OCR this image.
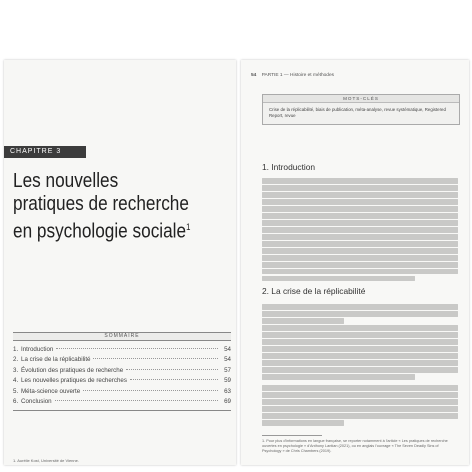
CHAPITRE 3
Les nouvelles
pratiques de recherche
en psychologie sociale$^1$
SOMMAIRE
1. Introduction	54
2. La crise de la réplicabilité	54
3. Évolution des pratiques de recherche	57
4. Les nouvelles pratiques de recherches	59
5. Méta-science ouverte	63
6. Conclusion	69
1. Aurélie Kost, Université de Vienne.
54 PARTIE 1 — Histoire et méthodes
MOTS-CLÉS
Crise de la réplicabilité, biais de publication, méta-analyse, revue systématique, Registered Report, revue
1. Introduction
2. La crise de la réplicabilité
1. Pour plus d'informations en langue française, se reporter notamment à l'article « Les pratiques de recherche ouvertes en psychologie » d'Anthony Lantian (2021), ou en anglais l'ouvrage « The Seven Deadly Sins of Psychology » de Chris Chambers (2019).
